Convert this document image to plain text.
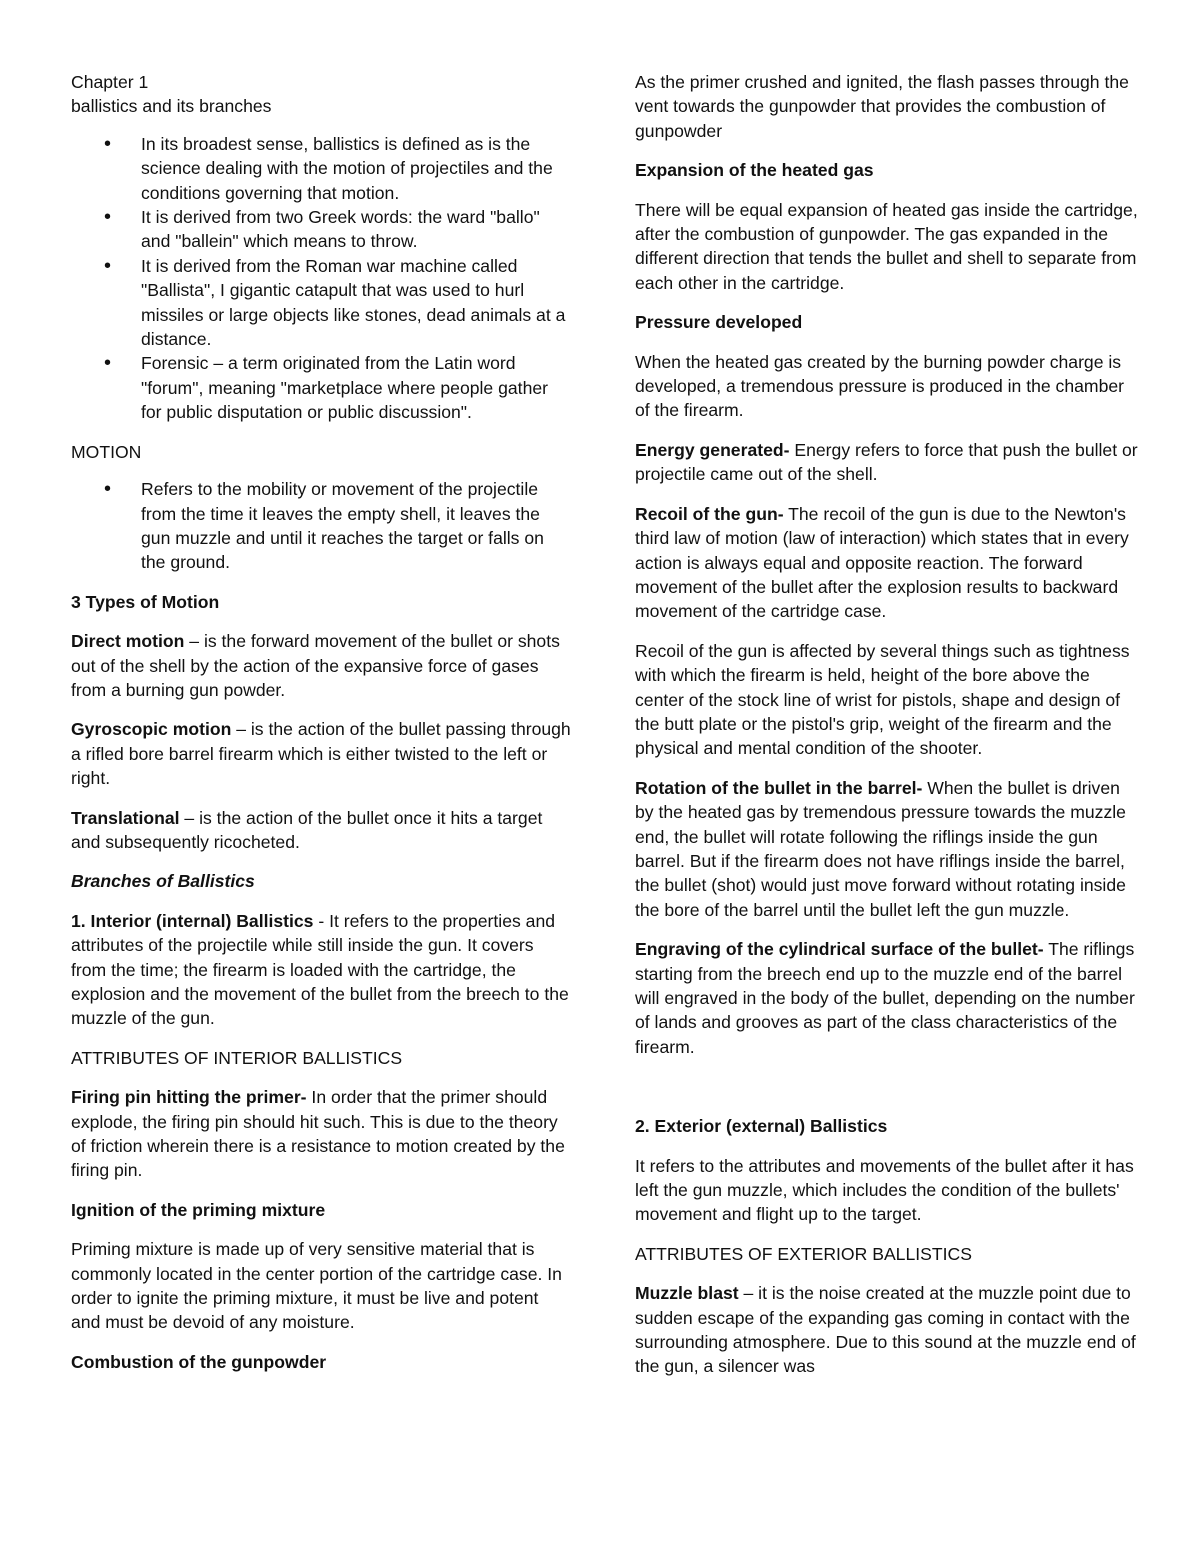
Chapter 1

ballistics and its branches

• In its broadest sense, ballistics is defined as is the science dealing with the motion of projectiles and the conditions governing that motion.
• It is derived from two Greek words: the ward "ballo" and "ballein" which means to throw.
• It is derived from the Roman war machine called "Ballista", I gigantic catapult that was used to hurl missiles or large objects like stones, dead animals at a distance.
• Forensic – a term originated from the Latin word "forum", meaning "marketplace where people gather for public disputation or public discussion".

MOTION

• Refers to the mobility or movement of the projectile from the time it leaves the empty shell, it leaves the gun muzzle and until it reaches the target or falls on the ground.

3 Types of Motion

Direct motion – is the forward movement of the bullet or shots out of the shell by the action of the expansive force of gases from a burning gun powder.

Gyroscopic motion – is the action of the bullet passing through a rifled bore barrel firearm which is either twisted to the left or right.

Translational – is the action of the bullet once it hits a target and subsequently ricocheted.

Branches of Ballistics

1. Interior (internal) Ballistics - It refers to the properties and attributes of the projectile while still inside the gun. It covers from the time; the firearm is loaded with the cartridge, the explosion and the movement of the bullet from the breech to the muzzle of the gun.

ATTRIBUTES OF INTERIOR BALLISTICS

Firing pin hitting the primer- In order that the primer should explode, the firing pin should hit such. This is due to the theory of friction wherein there is a resistance to motion created by the firing pin.

Ignition of the priming mixture

Priming mixture is made up of very sensitive material that is commonly located in the center portion of the cartridge case. In order to ignite the priming mixture, it must be live and potent and must be devoid of any moisture.

Combustion of the gunpowder

As the primer crushed and ignited, the flash passes through the vent towards the gunpowder that provides the combustion of gunpowder

Expansion of the heated gas

There will be equal expansion of heated gas inside the cartridge, after the combustion of gunpowder. The gas expanded in the different direction that tends the bullet and shell to separate from each other in the cartridge.

Pressure developed

When the heated gas created by the burning powder charge is developed, a tremendous pressure is produced in the chamber of the firearm.

Energy generated- Energy refers to force that push the bullet or projectile came out of the shell.

Recoil of the gun- The recoil of the gun is due to the Newton's third law of motion (law of interaction) which states that in every action is always equal and opposite reaction. The forward movement of the bullet after the explosion results to backward movement of the cartridge case.

Recoil of the gun is affected by several things such as tightness with which the firearm is held, height of the bore above the center of the stock line of wrist for pistols, shape and design of the butt plate or the pistol's grip, weight of the firearm and the physical and mental condition of the shooter.

Rotation of the bullet in the barrel- When the bullet is driven by the heated gas by tremendous pressure towards the muzzle end, the bullet will rotate following the riflings inside the gun barrel. But if the firearm does not have riflings inside the barrel, the bullet (shot) would just move forward without rotating inside the bore of the barrel until the bullet left the gun muzzle.

Engraving of the cylindrical surface of the bullet- The riflings starting from the breech end up to the muzzle end of the barrel will engraved in the body of the bullet, depending on the number of lands and grooves as part of the class characteristics of the firearm.

2. Exterior (external) Ballistics

It refers to the attributes and movements of the bullet after it has left the gun muzzle, which includes the condition of the bullets' movement and flight up to the target.

ATTRIBUTES OF EXTERIOR BALLISTICS

Muzzle blast – it is the noise created at the muzzle point due to sudden escape of the expanding gas coming in contact with the surrounding atmosphere. Due to this sound at the muzzle end of the gun, a silencer was
